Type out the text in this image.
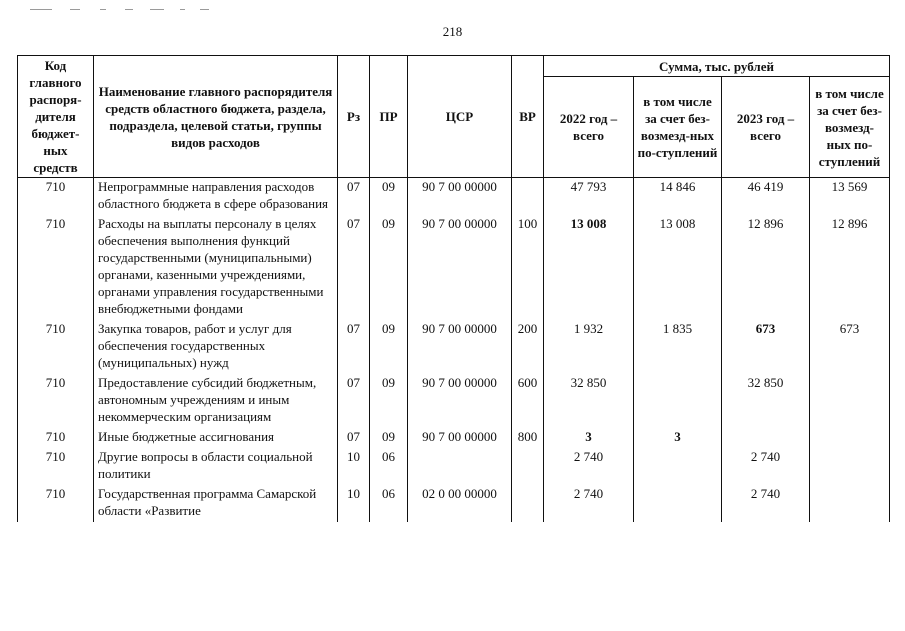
218
Код главного распоря-дителя бюджет-ных средств	Наименование главного распорядителя средств областного бюджета, раздела, подраздела, целевой статьи, группы видов расходов	Рз	ПР	ЦСР	ВР	Сумма, тыс. рублей			
						2022 год – всего	в том числе за счет без-возмезд-ных по-ступлений	2023 год – всего	в том числе за счет без-возмезд-ных по-ступлений
710	Непрограммные направления расходов областного бюджета в сфере образования	07	09	90 7 00 00000		47 793	14 846	46 419	13 569
710	Расходы на выплаты персоналу в целях обеспечения выполнения функций государственными (муниципальными) органами, казенными учреждениями, органами управления государственными внебюджетными фондами	07	09	90 7 00 00000	100	13 008	13 008	12 896	12 896
710	Закупка товаров, работ и услуг для обеспечения государственных (муниципальных) нужд	07	09	90 7 00 00000	200	1 932	1 835	673	673
710	Предоставление субсидий бюджетным, автономным учреждениям и иным некоммерческим организациям	07	09	90 7 00 00000	600	32 850		32 850	
710	Иные бюджетные ассигнования	07	09	90 7 00 00000	800	3	3		
710	Другие вопросы в области социальной политики	10	06			2 740		2 740	
710	Государственная программа Самарской области «Развитие	10	06	02 0 00 00000		2 740		2 740	
